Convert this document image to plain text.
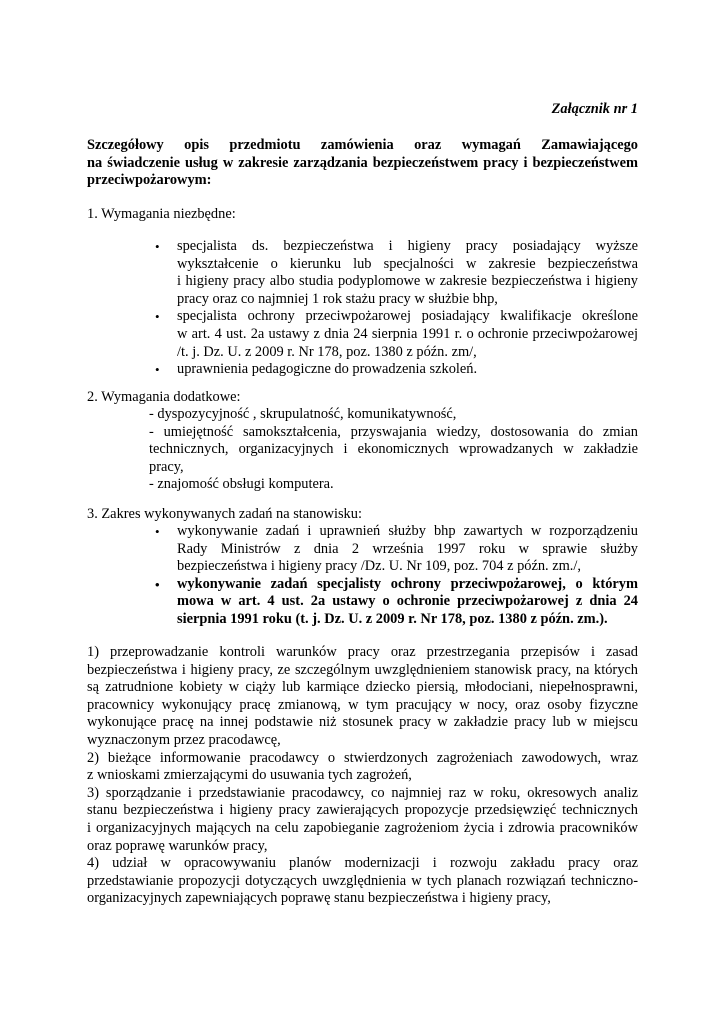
Załącznik nr 1
Szczegółowy opis przedmiotu zamówienia oraz wymagań Zamawiającego
na świadczenie usług w zakresie zarządzania bezpieczeństwem pracy i bezpieczeństwem
przeciwpożarowym:
1. Wymagania niezbędne:
• specjalista ds. bezpieczeństwa i higieny pracy posiadający wyższe
wykształcenie o kierunku lub specjalności w zakresie bezpieczeństwa
i higieny pracy albo studia podyplomowe w zakresie bezpieczeństwa i higieny
pracy oraz co najmniej 1 rok stażu pracy w służbie bhp,
• specjalista ochrony przeciwpożarowej posiadający kwalifikacje określone
w art. 4 ust. 2a ustawy z dnia 24 sierpnia 1991 r. o ochronie przeciwpożarowej
/t. j. Dz. U. z 2009 r. Nr 178, poz. 1380 z późn. zm/,
• uprawnienia pedagogiczne do prowadzenia szkoleń.
2. Wymagania dodatkowe:
- dyspozycyjność , skrupulatność, komunikatywność,
- umiejętność samokształcenia, przyswajania wiedzy, dostosowania do zmian
technicznych, organizacyjnych i ekonomicznych wprowadzanych w zakładzie
pracy,
- znajomość obsługi komputera.
3. Zakres wykonywanych zadań na stanowisku:
• wykonywanie zadań i uprawnień służby bhp zawartych w rozporządzeniu
Rady Ministrów z dnia 2 września 1997 roku w sprawie służby
bezpieczeństwa i higieny pracy /Dz. U. Nr 109, poz. 704 z późn. zm./,
• wykonywanie zadań specjalisty ochrony przeciwpożarowej, o którym
mowa w art. 4 ust. 2a ustawy o ochronie przeciwpożarowej z dnia 24
sierpnia 1991 roku (t. j. Dz. U. z 2009 r. Nr 178, poz. 1380 z późn. zm.).
1) przeprowadzanie kontroli warunków pracy oraz przestrzegania przepisów i zasad
bezpieczeństwa i higieny pracy, ze szczególnym uwzględnieniem stanowisk pracy, na których
są zatrudnione kobiety w ciąży lub karmiące dziecko piersią, młodociani, niepełnosprawni,
pracownicy wykonujący pracę zmianową, w tym pracujący w nocy, oraz osoby fizyczne
wykonujące pracę na innej podstawie niż stosunek pracy w zakładzie pracy lub w miejscu
wyznaczonym przez pracodawcę,
2) bieżące informowanie pracodawcy o stwierdzonych zagrożeniach zawodowych, wraz
z wnioskami zmierzającymi do usuwania tych zagrożeń,
3) sporządzanie i przedstawianie pracodawcy, co najmniej raz w roku, okresowych analiz
stanu bezpieczeństwa i higieny pracy zawierających propozycje przedsięwzięć technicznych
i organizacyjnych mających na celu zapobieganie zagrożeniom życia i zdrowia pracowników
oraz poprawę warunków pracy,
4) udział w opracowywaniu planów modernizacji i rozwoju zakładu pracy oraz
przedstawianie propozycji dotyczących uwzględnienia w tych planach rozwiązań techniczno-
organizacyjnych zapewniających poprawę stanu bezpieczeństwa i higieny pracy,
